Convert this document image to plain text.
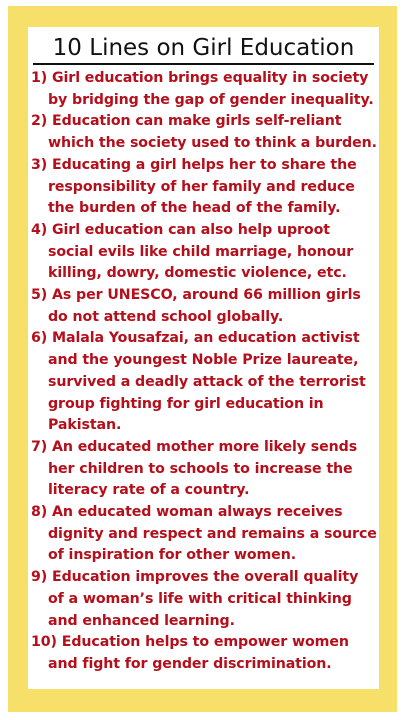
10 Lines on Girl Education
1) Girl education brings equality in society
by bridging the gap of gender inequality.
2) Education can make girls self-reliant
which the society used to think a burden.
3) Educating a girl helps her to share the
responsibility of her family and reduce
the burden of the head of the family.
4) Girl education can also help uproot
social evils like child marriage, honour
killing, dowry, domestic violence, etc.
5) As per UNESCO, around 66 million girls
do not attend school globally.
6) Malala Yousafzai, an education activist
and the youngest Noble Prize laureate,
survived a deadly attack of the terrorist
group fighting for girl education in
Pakistan.
7) An educated mother more likely sends
her children to schools to increase the
literacy rate of a country.
8) An educated woman always receives
dignity and respect and remains a source
of inspiration for other women.
9) Education improves the overall quality
of a woman’s life with critical thinking
and enhanced learning.
10) Education helps to empower women
and fight for gender discrimination.
